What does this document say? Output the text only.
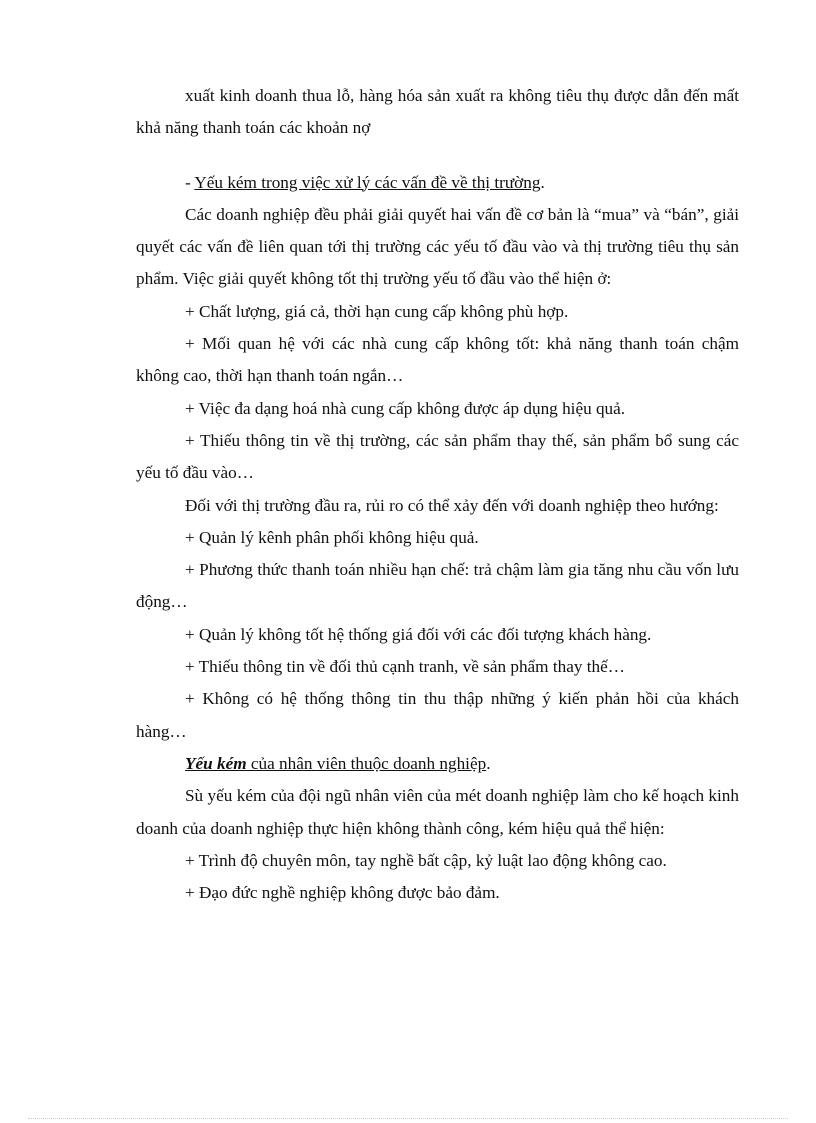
xuất kinh doanh thua lỗ, hàng hóa sản xuất ra không tiêu thụ được dẫn đến mất khả năng thanh toán các khoản nợ

- Yếu kém trong việc xử lý các vấn đề về thị trường.

Các doanh nghiệp đều phải giải quyết hai vấn đề cơ bản là “mua” và “bán”, giải quyết các vấn đề liên quan tới thị trường các yếu tố đầu vào và thị trường tiêu thụ sản phẩm. Việc giải quyết không tốt thị trường yếu tố đầu vào thể hiện ở:

+ Chất lượng, giá cả, thời hạn cung cấp không phù hợp.

+ Mối quan hệ với các nhà cung cấp không tốt: khả năng thanh toán chậm không cao, thời hạn thanh toán ngắn…

+ Việc đa dạng hoá nhà cung cấp không được áp dụng hiệu quả.

+ Thiếu thông tin về thị trường, các sản phẩm thay thế, sản phẩm bổ sung các yếu tố đầu vào…

Đối với thị trường đầu ra, rủi ro có thể xảy đến với doanh nghiệp theo hướng:

+ Quản lý kênh phân phối không hiệu quả.

+ Phương thức thanh toán nhiều hạn chế: trả chậm làm gia tăng nhu cầu vốn lưu động…

+ Quản lý không tốt hệ thống giá đối với các đối tượng khách hàng.

+ Thiếu thông tin về đối thủ cạnh tranh, về sản phẩm thay thế…

+ Không có hệ thống thông tin thu thập những ý kiến phản hồi của khách hàng…

Yếu kém của nhân viên thuộc doanh nghiệp.

Sù yếu kém của đội ngũ nhân viên của mét doanh nghiệp làm cho kế hoạch kinh doanh của doanh nghiệp thực hiện không thành công, kém hiệu quả thể hiện:

+ Trình độ chuyên môn, tay nghề bất cập, kỷ luật lao động không cao.

+ Đạo đức nghề nghiệp không được bảo đảm.
